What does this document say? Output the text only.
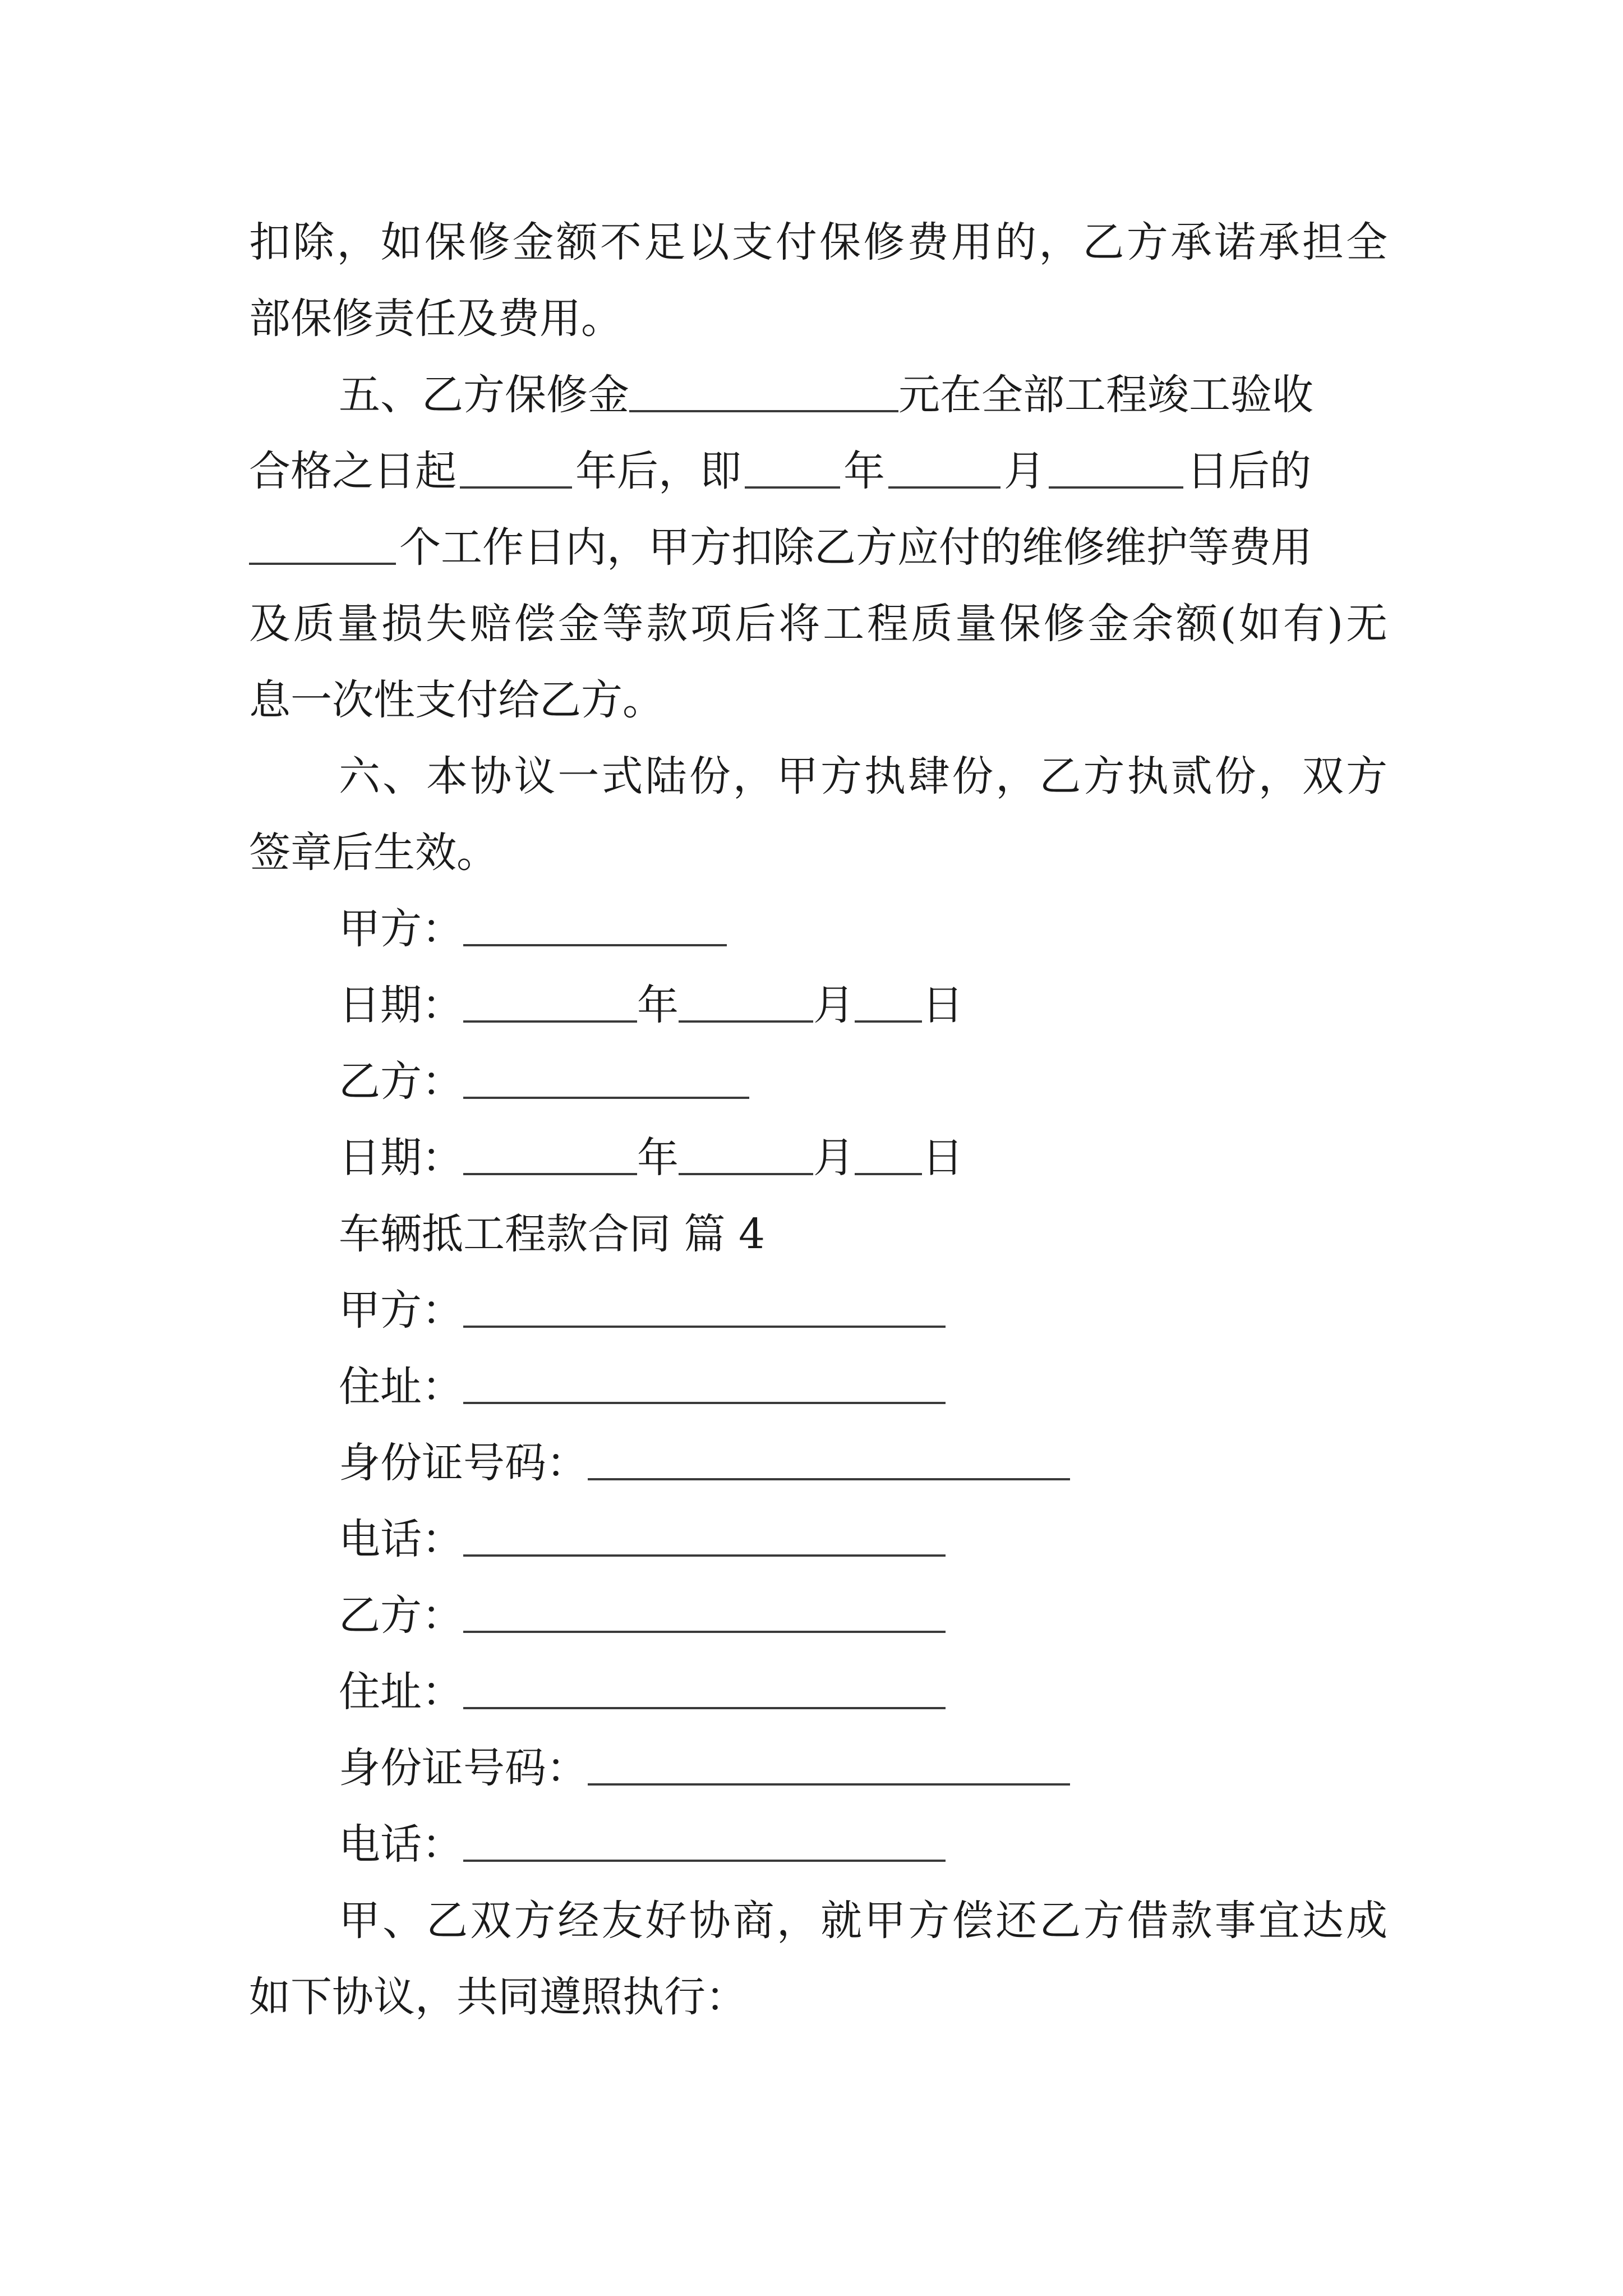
扣除，如保修金额不足以支付保修费用的，乙方承诺承担全
部保修责任及费用。
五、乙方保修金	元在全部工程竣工验收
合格之日起	年后，即 年	月	日后的
个工作日内，甲方扣除乙方应付的维修维护等费用
及质量损失赔偿金等款项后将工程质量保修金余额(如有)无
息一次性支付给乙方。
六、本协议一式陆份，甲方执肆份，乙方执贰份，双方
签章后生效。
甲方：
日期：	年	月 日
乙方：
日期：	年	月 日
车辆抵工程款合同 篇 4
甲方：
住址：
身份证号码：
电话：
乙方：
住址：
身份证号码：
电话：
甲、乙双方经友好协商，就甲方偿还乙方借款事宜达成
如下协议，共同遵照执行：
